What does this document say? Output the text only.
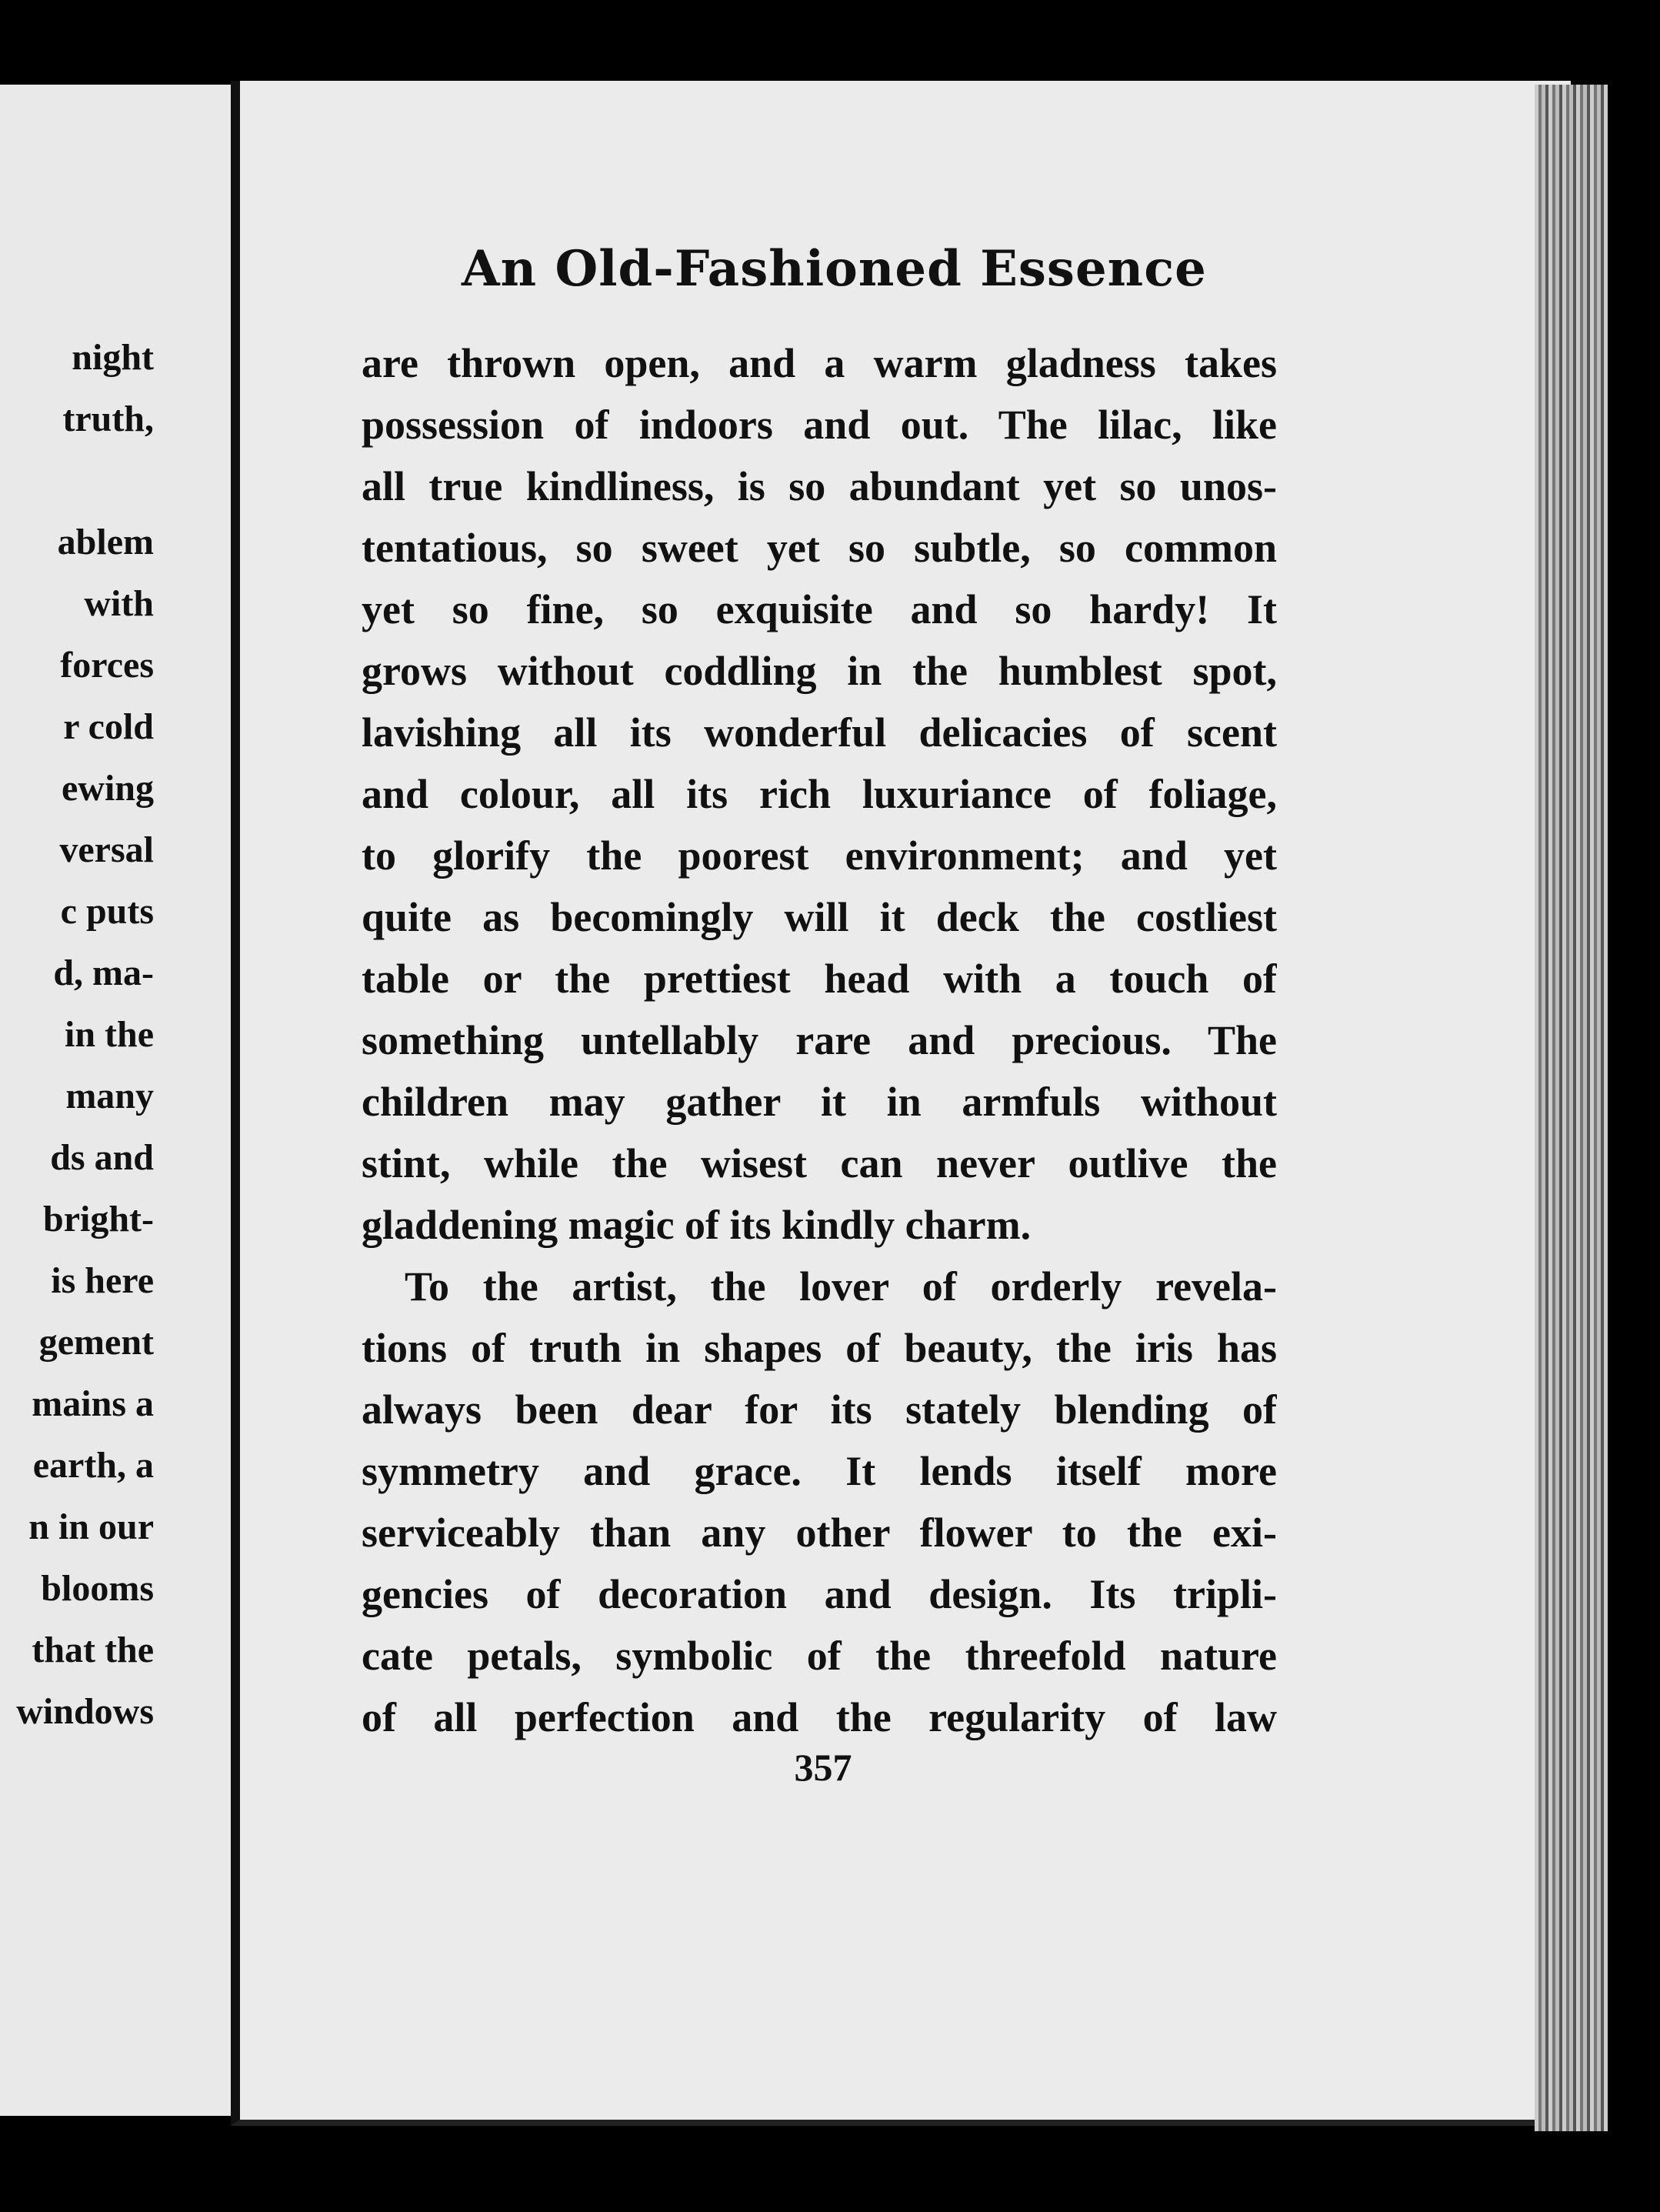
night
truth,
ablem
with
forces
r cold
ewing
versal
c puts
d, ma-
in the
many
ds and
bright-
is here
gement
mains a
earth, a
n in our
blooms
that the
windows
An Old-Fashioned Essence
are thrown open, and a warm gladness takes
possession of indoors and out. The lilac, like
all true kindliness, is so abundant yet so unos-
tentatious, so sweet yet so subtle, so common
yet so fine, so exquisite and so hardy! It
grows without coddling in the humblest spot,
lavishing all its wonderful delicacies of scent
and colour, all its rich luxuriance of foliage,
to glorify the poorest environment; and yet
quite as becomingly will it deck the costliest
table or the prettiest head with a touch of
something untellably rare and precious. The
children may gather it in armfuls without
stint, while the wisest can never outlive the
gladdening magic of its kindly charm.
To the artist, the lover of orderly revela-
tions of truth in shapes of beauty, the iris has
always been dear for its stately blending of
symmetry and grace. It lends itself more
serviceably than any other flower to the exi-
gencies of decoration and design. Its tripli-
cate petals, symbolic of the threefold nature
of all perfection and the regularity of law
357
